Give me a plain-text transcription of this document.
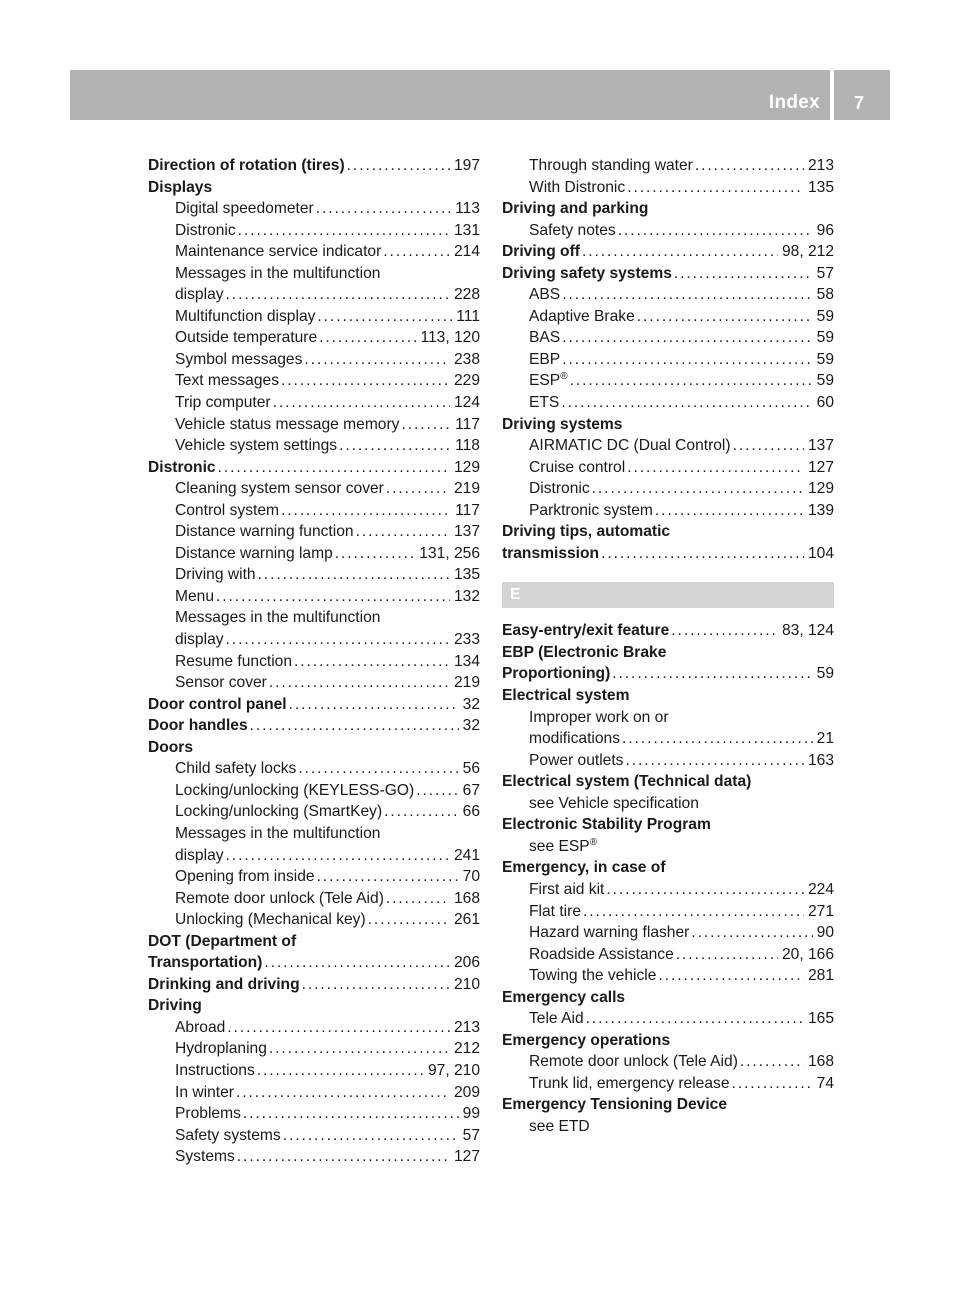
Index	7
Direction of rotation (tires) . . .	197
Displays
Digital speedometer . . .	113
Distronic . . .	131
Maintenance service indicator . . .	214
Messages in the multifunction
display . . .	228
Multifunction display . . .	111
Outside temperature . . .	113, 120
Symbol messages . . .	238
Text messages . . .	229
Trip computer . . .	124
Vehicle status message memory . . .	117
Vehicle system settings . . .	118
Distronic . . .	129
Cleaning system sensor cover . . .	219
Control system . . .	117
Distance warning function . . .	137
Distance warning lamp . . .	131, 256
Driving with . . .	135
Menu . . .	132
Messages in the multifunction
display . . .	233
Resume function . . .	134
Sensor cover . . .	219
Door control panel . . .	32
Door handles . . .	32
Doors
Child safety locks . . .	56
Locking/unlocking (KEYLESS-GO) . . .	67
Locking/unlocking (SmartKey) . . .	66
Messages in the multifunction
display . . .	241
Opening from inside . . .	70
Remote door unlock (Tele Aid) . . .	168
Unlocking (Mechanical key) . . .	261
DOT (Department of
Transportation) . . .	206
Drinking and driving . . .	210
Driving
Abroad . . .	213
Hydroplaning . . .	212
Instructions . . .	97, 210
In winter . . .	209
Problems . . .	99
Safety systems . . .	57
Systems . . .	127
Through standing water . . .	213
With Distronic . . .	135
Driving and parking
Safety notes . . .	96
Driving off . . .	98, 212
Driving safety systems . . .	57
ABS . . .	58
Adaptive Brake . . .	59
BAS . . .	59
EBP . . .	59
ESP® . . .	59
ETS . . .	60
Driving systems
AIRMATIC DC (Dual Control) . . .	137
Cruise control . . .	127
Distronic . . .	129
Parktronic system . . .	139
Driving tips, automatic
transmission . . .	104
E
Easy-entry/exit feature . . .	83, 124
EBP (Electronic Brake
Proportioning) . . .	59
Electrical system
Improper work on or
modifications . . .	21
Power outlets . . .	163
Electrical system (Technical data)
see Vehicle specification
Electronic Stability Program
see ESP®
Emergency, in case of
First aid kit . . .	224
Flat tire . . .	271
Hazard warning flasher . . .	90
Roadside Assistance . . .	20, 166
Towing the vehicle . . .	281
Emergency calls
Tele Aid . . .	165
Emergency operations
Remote door unlock (Tele Aid) . . .	168
Trunk lid, emergency release . . .	74
Emergency Tensioning Device
see ETD
